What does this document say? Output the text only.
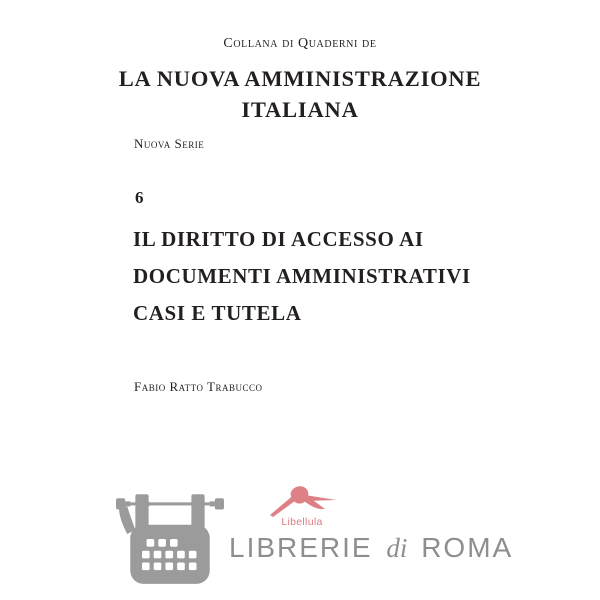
Collana di Quaderni de
LA NUOVA AMMINISTRAZIONE
ITALIANA
Nuova Serie
6
IL DIRITTO DI ACCESSO AI
DOCUMENTI AMMINISTRATIVI
CASI E TUTELA
Fabio Ratto Trabucco
Libellula
LIBRERIE di ROMA
